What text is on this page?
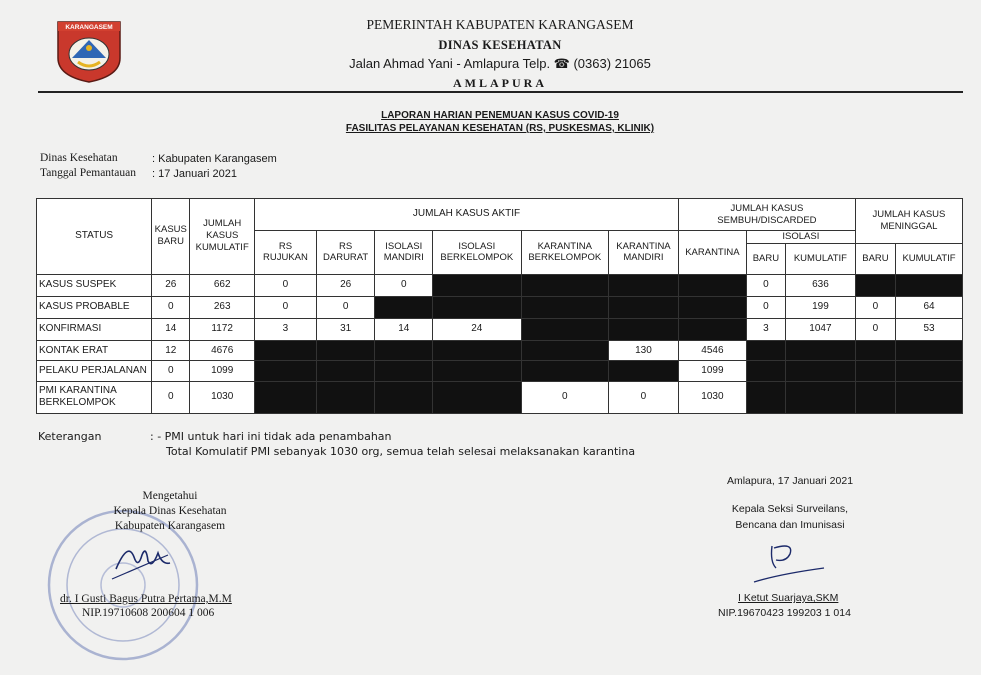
KARANGASEM	PEMERINTAH KABUPATEN KARANGASEM
DINAS KESEHATAN
Jalan Ahmad Yani - Amlapura Telp. ☎ (0363) 21065
AMLAPURA
LAPORAN HARIAN PENEMUAN KASUS COVID-19
FASILITAS PELAYANAN KESEHATAN (RS, PUSKESMAS, KLINIK)
Dinas Kesehatan	: Kabupaten Karangasem
Tanggal Pemantauan : 17 Januari 2021
STATUS	KASUS BARU	JUMLAH KASUS KUMULATIF	JUMLAH KASUS AKTIF						JUMLAH KASUS SEMBUH/DISCARDED			JUMLAH KASUS MENINGGAL	
			RS RUJUKAN	RS DARURAT	ISOLASI MANDIRI	ISOLASI BERKELOMPOK	KARANTINA BERKELOMPOK	KARANTINA MANDIRI	KARANTINA	ISOLASI			
										BARU	KUMULATIF	BARU	KUMULATIF
KASUS SUSPEK	26	662	0	26	0					0	636		
KASUS PROBABLE	0	263	0	0						0	199	0	64
KONFIRMASI	14	1172	3	31	14	24				3	1047	0	53
KONTAK ERAT	12	4676						130	4546				
PELAKU PERJALANAN	0	1099							1099				
PMI KARANTINA BERKELOMPOK	0	1030					0	0	1030				
Keterangan	: - PMI untuk hari ini tidak ada penambahan
Total Komulatif PMI sebanyak 1030 org, semua telah selesai melaksanakan karantina
Mengetahui
Kepala Dinas Kesehatan
Kabupaten Karangasem
dr. I Gusti Bagus Putra Pertama,M.M
NIP.19710608 200604 1 006
Amlapura, 17 Januari 2021
Kepala Seksi Surveilans,
Bencana dan Imunisasi
I Ketut Suarjaya,SKM
NIP.19670423 199203 1 014
